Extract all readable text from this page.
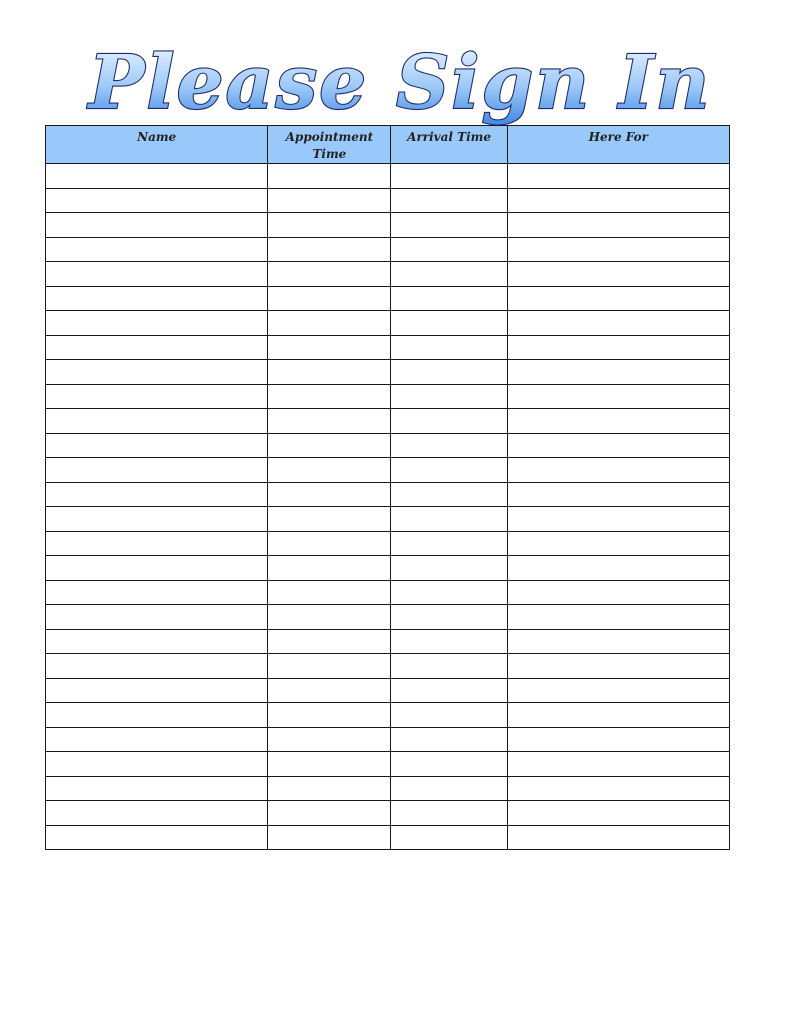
Please Sign In
Name	Appointment Time	Arrival Time	Here For
